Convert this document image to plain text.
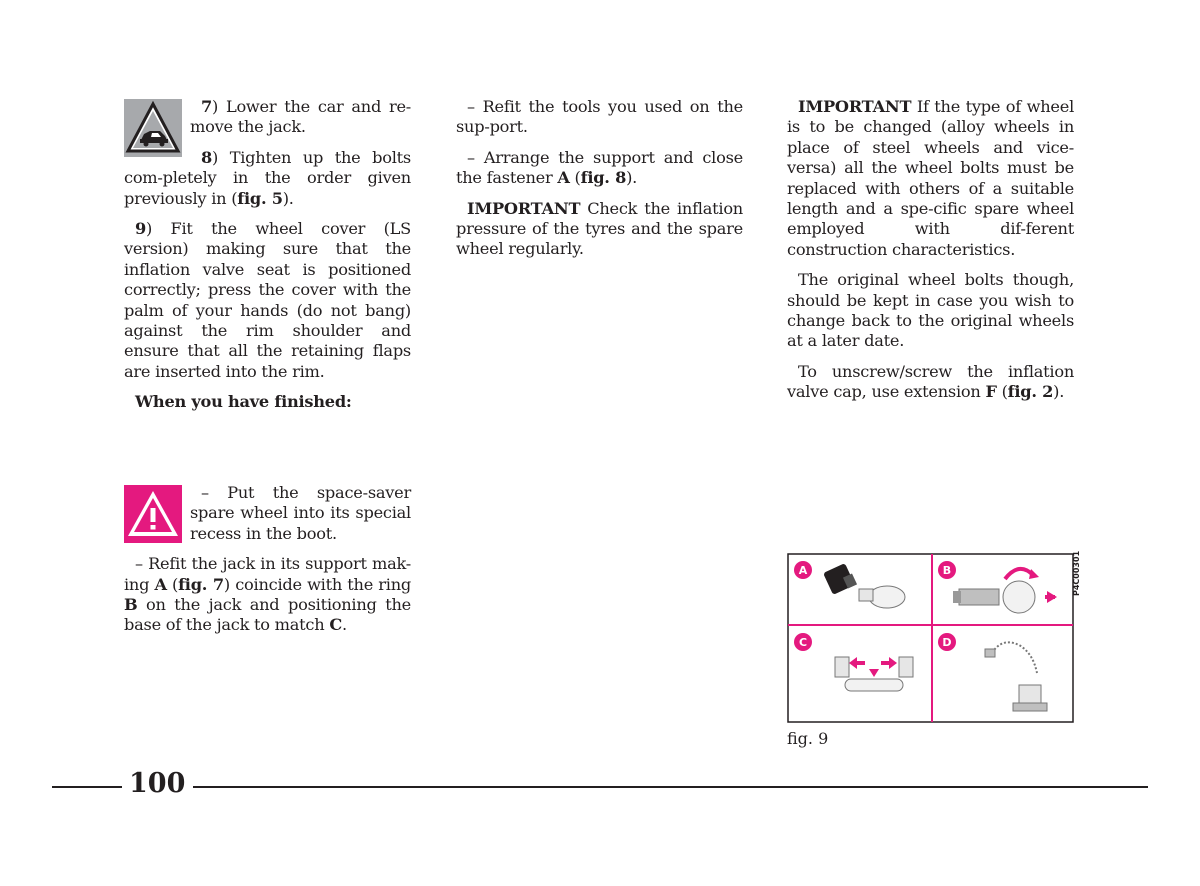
7) Lower the car and re-move the jack.

8) Tighten up the bolts com-pletely in the order given previously in (fig. 5).

9) Fit the wheel cover (LS version) making sure that the inflation valve seat is positioned correctly; press the cover with the palm of your hands (do not bang) against the rim shoulder and ensure that all the retaining flaps are inserted into the rim.

When you have finished:

– Put the space-saver spare wheel into its special recess in the boot.

– Refit the jack in its support mak-ing A (fig. 7) coincide with the ring B on the jack and positioning the base of the jack to match C.

– Refit the tools you used on the sup-port.

– Arrange the support and close the fastener A (fig. 8).

IMPORTANT Check the inflation pressure of the tyres and the spare wheel regularly.

IMPORTANT If the type of wheel is to be changed (alloy wheels in place of steel wheels and vice-versa) all the wheel bolts must be replaced with others of a suitable length and a spe-cific spare wheel employed with dif-ferent construction characteristics.

The original wheel bolts though, should be kept in case you wish to change back to the original wheels at a later date.

To unscrew/screw the inflation valve cap, use extension F (fig. 2).

A	B
C	D
P4C00301
fig. 9
100
